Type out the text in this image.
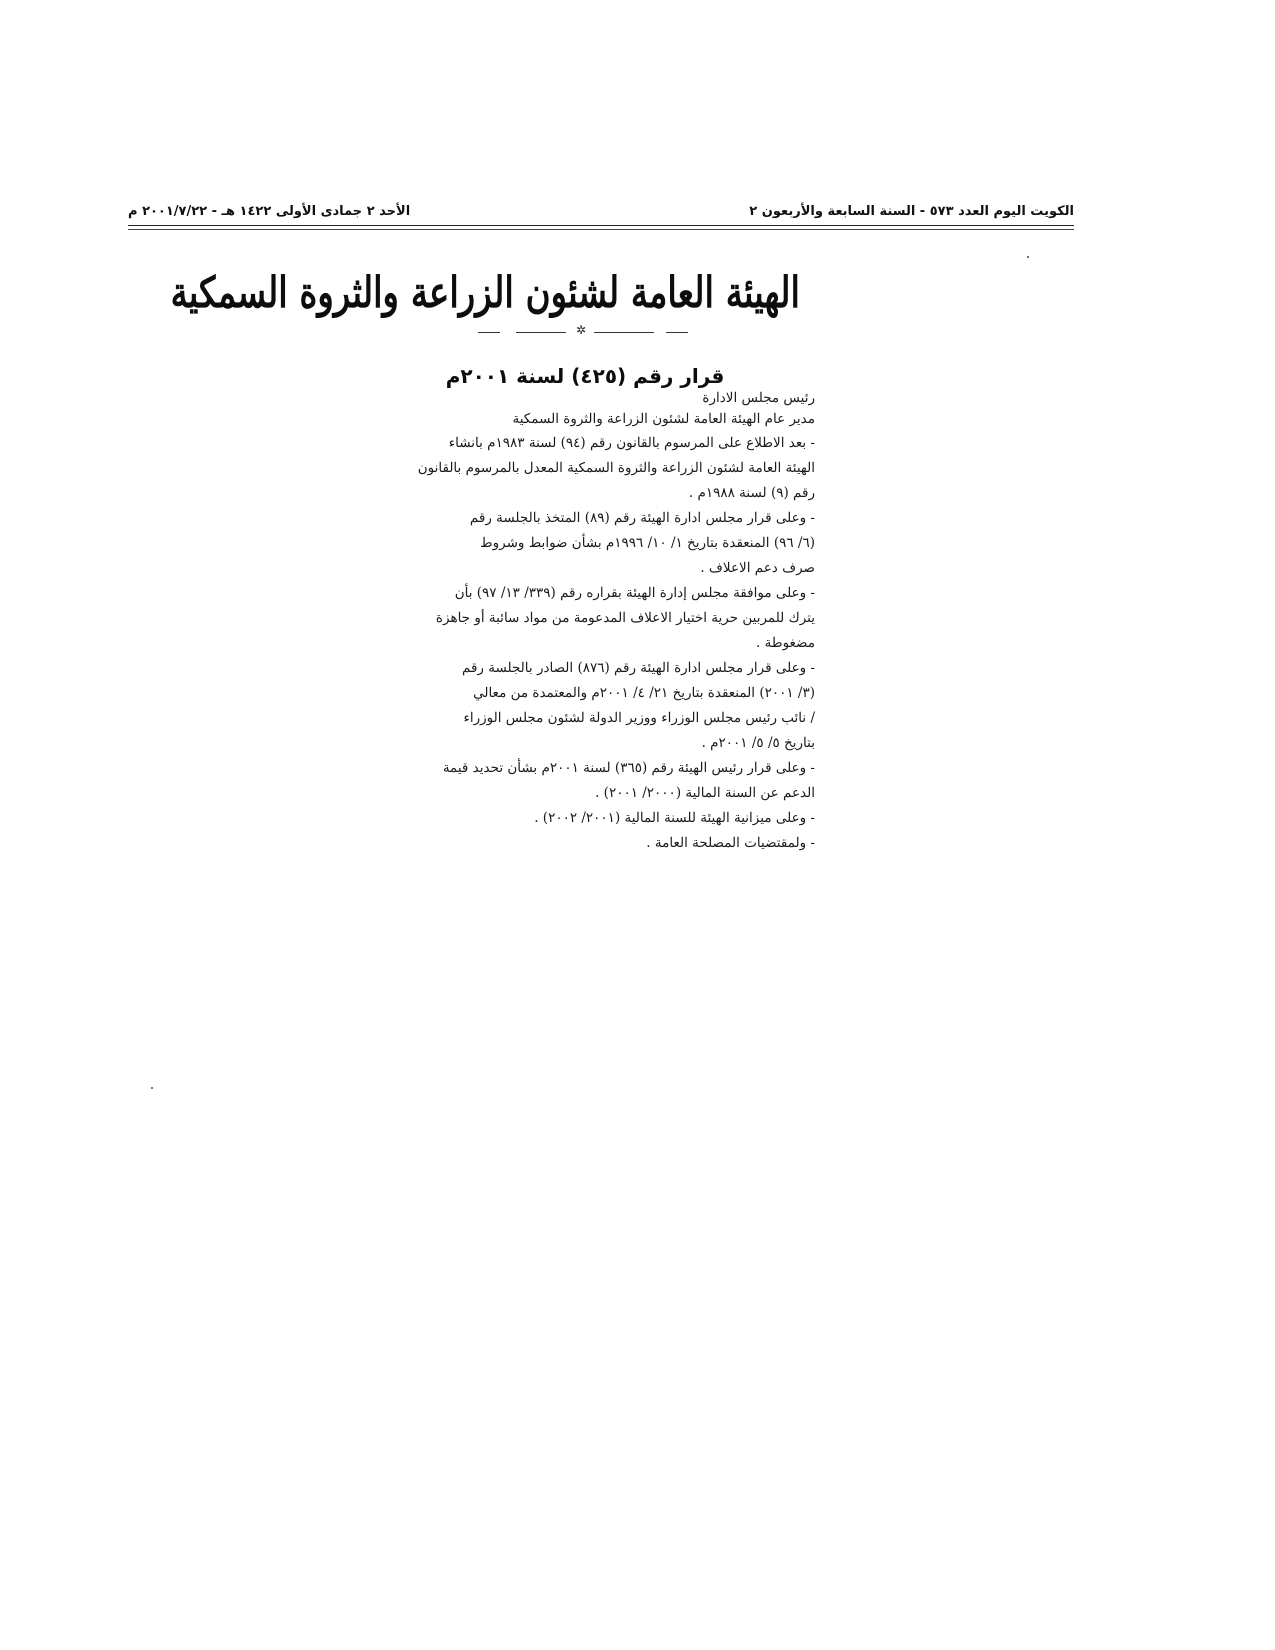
الكويت اليوم العدد ٥٧٣ - السنة السابعة والأربعون ٢
الأحد ٢ جمادى الأولى ١٤٢٢ هـ - ٢٠٠١/٧/٢٢ م
الهيئة العامة لشئون الزراعة والثروة السمكية
✲
قرار رقم (٤٢٥) لسنة ٢٠٠١م
رئيس مجلس الادارة
مدير عام الهيئة العامة لشئون الزراعة والثروة السمكية
- بعد الاطلاع على المرسوم بالقانون رقم (٩٤) لسنة ١٩٨٣م بانشاء
الهيئة العامة لشئون الزراعة والثروة السمكية المعدل بالمرسوم بالقانون
رقم (٩) لسنة ١٩٨٨م .
- وعلى قرار مجلس ادارة الهيئة رقم (٨٩) المتخذ بالجلسة رقم
(٦/ ٩٦) المنعقدة بتاريخ ١/ ١٠/ ١٩٩٦م بشأن ضوابط وشروط
صرف دعم الاعلاف .
- وعلى موافقة مجلس إدارة الهيئة بقراره رقم (٣٣٩/ ١٣/ ٩٧) بأن
يترك للمربين حرية اختيار الاعلاف المدعومة من مواد سائبة أو جاهزة
مضغوطة .
- وعلى قرار مجلس ادارة الهيئة رقم (٨٧٦) الصادر بالجلسة رقم
(٣/ ٢٠٠١) المنعقدة بتاريخ ٢١/ ٤/ ٢٠٠١م والمعتمدة من معالي
/ نائب رئيس مجلس الوزراء ووزير الدولة لشئون مجلس الوزراء
بتاريخ ٥/ ٥/ ٢٠٠١م .
- وعلى قرار رئيس الهيئة رقم (٣٦٥) لسنة ٢٠٠١م بشأن تحديد قيمة
الدعم عن السنة المالية (٢٠٠٠/ ٢٠٠١) .
- وعلى ميزانية الهيئة للسنة المالية (٢٠٠١/ ٢٠٠٢) .
- ولمقتضيات المصلحة العامة .
